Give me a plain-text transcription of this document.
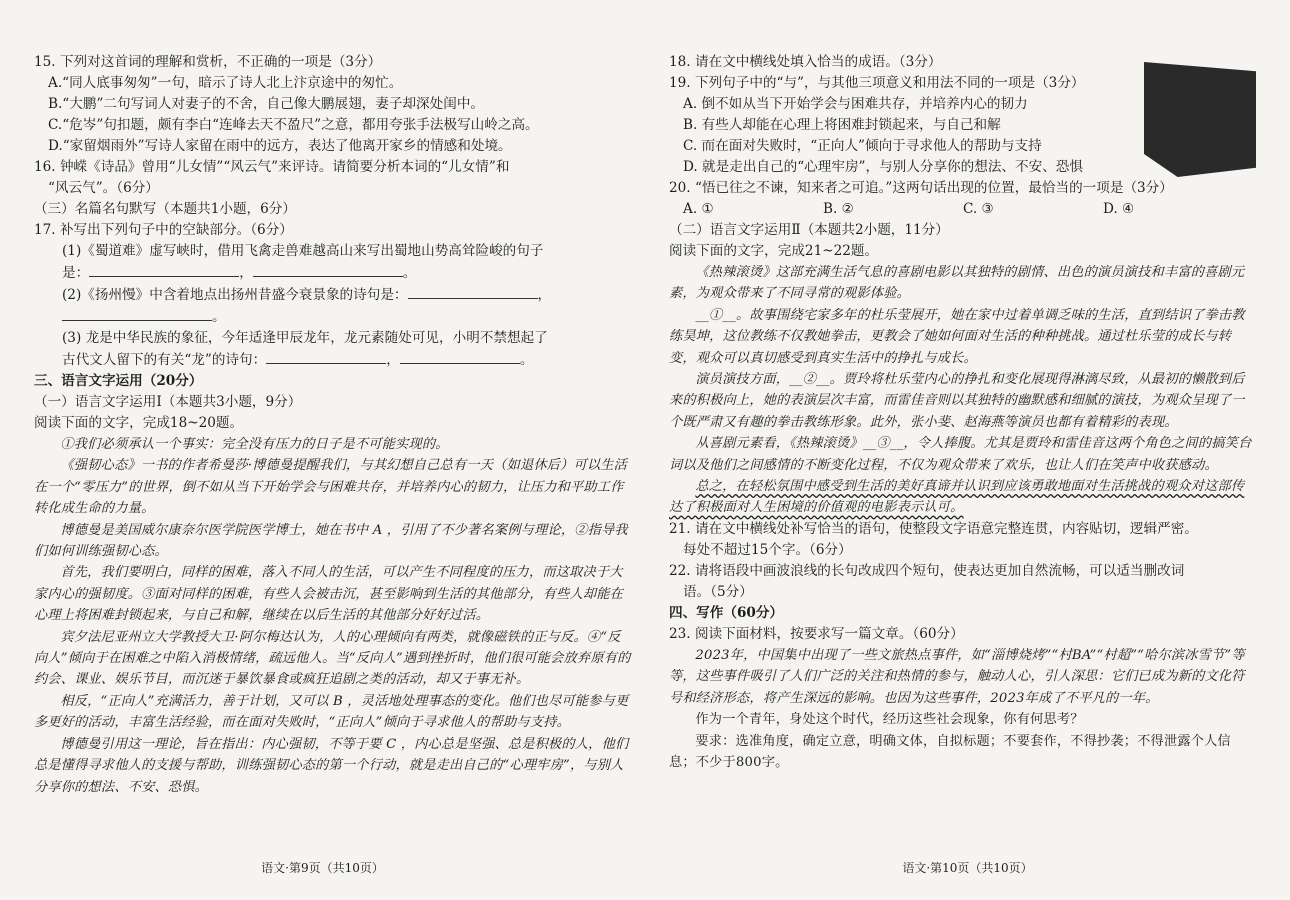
15. 下列对这首词的理解和赏析，不正确的一项是（3分）
A.“同人底事匆匆”一句，暗示了诗人北上汴京途中的匆忙。
B.“大鹏”二句写词人对妻子的不舍，自己像大鹏展翅，妻子却深处闺中。
C.“危岑”句扣题，颇有李白“连峰去天不盈尺”之意，都用夸张手法极写山岭之高。
D.“家留烟雨外”写诗人家留在雨中的远方，表达了他离开家乡的情感和处境。
16. 钟嵘《诗品》曾用“儿女情”“风云气”来评诗。请简要分析本词的“儿女情”和
“风云气”。（6分）
（三）名篇名句默写（本题共1小题，6分）
17. 补写出下列句子中的空缺部分。（6分）
(1)《蜀道难》虚写峡时，借用飞禽走兽难越高山来写出蜀地山势高耸险峻的句子
是：	，	。
(2)《扬州慢》中含着地点出扬州昔盛今衰景象的诗句是：	，
。
(3) 龙是中华民族的象征，今年适逢甲辰龙年，龙元素随处可见，小明不禁想起了
古代文人留下的有关“龙”的诗句：	，	。
三、语言文字运用（20分）
（一）语言文字运用Ⅰ（本题共3小题，9分）
阅读下面的文字，完成18~20题。
①我们必须承认一个事实：完全没有压力的日子是不可能实现的。
《强韧心态》一书的作者希曼莎·博德曼提醒我们，与其幻想自己总有一天（如退休后）可以生活在一个“零压力”的世界，倒不如从当下开始学会与困难共存，并培养内心的韧力，让压力和平助工作转化成生命的力量。
博德曼是美国威尔康奈尔医学院医学博士，她在书中 A ，引用了不少著名案例与理论，②指导我们如何训练强韧心态。
首先，我们要明白，同样的困难，落入不同人的生活，可以产生不同程度的压力，而这取决于大家内心的强韧度。③面对同样的困难，有些人会被击沉，甚至影响到生活的其他部分，有些人却能在心理上将困难封锁起来，与自己和解，继续在以后生活的其他部分好好过活。
宾夕法尼亚州立大学教授大卫·阿尔梅达认为，人的心理倾向有两类，就像磁铁的正与反。④“反向人”倾向于在困难之中陷入消极情绪，疏远他人。当“反向人”遇到挫折时，他们很可能会放弃原有的约会、课业、娱乐节目，而沉迷于暴饮暴食或疯狂追剧之类的活动，却又于事无补。
相反，“正向人”充满活力，善于计划，又可以 B ，灵活地处理事态的变化。他们也尽可能参与更多更好的活动，丰富生活经验，而在面对失败时，“正向人”倾向于寻求他人的帮助与支持。
博德曼引用这一理论，旨在指出：内心强韧，不等于要 C ，内心总是坚强、总是积极的人，他们总是懂得寻求他人的支援与帮助，训练强韧心态的第一个行动，就是走出自己的“心理牢房”，与别人分享你的想法、不安、恐惧。
语文·第9页（共10页）
18. 请在文中横线处填入恰当的成语。（3分）
19. 下列句子中的“与”，与其他三项意义和用法不同的一项是（3分）
A. 倒不如从当下开始学会与困难共存，并培养内心的韧力
B. 有些人却能在心理上将困难封锁起来，与自己和解
C. 而在面对失败时，“正向人”倾向于寻求他人的帮助与支持
D. 就是走出自己的“心理牢房”，与别人分享你的想法、不安、恐惧
20. “悟已往之不谏，知来者之可追。”这两句话出现的位置，最恰当的一项是（3分）
A. ①	B. ②	C. ③	D. ④
（二）语言文字运用Ⅱ（本题共2小题，11分）
阅读下面的文字，完成21~22题。
《热辣滚烫》这部充满生活气息的喜剧电影以其独特的剧情、出色的演员演技和丰富的喜剧元素，为观众带来了不同寻常的观影体验。
__①__。故事围绕宅家多年的杜乐莹展开，她在家中过着单调乏味的生活，直到结识了拳击教练昊坤，这位教练不仅教她拳击，更教会了她如何面对生活的种种挑战。通过杜乐莹的成长与转变，观众可以真切感受到真实生活中的挣扎与成长。
演员演技方面，__②__。贾玲将杜乐莹内心的挣扎和变化展现得淋漓尽致，从最初的懒散到后来的积极向上，她的表演层次丰富，而雷佳音则以其独特的幽默感和细腻的演技，为观众呈现了一个既严肃又有趣的拳击教练形象。此外，张小斐、赵海燕等演员也都有着精彩的表现。
从喜剧元素看，《热辣滚烫》__③__，令人捧腹。尤其是贾玲和雷佳音这两个角色之间的搞笑台词以及他们之间感情的不断变化过程，不仅为观众带来了欢乐，也让人们在笑声中收获感动。
总之，在轻松氛围中感受到生活的美好真谛并认识到应该勇敢地面对生活挑战的观众对这部传达了积极面对人生困境的价值观的电影表示认可。
21. 请在文中横线处补写恰当的语句，使整段文字语意完整连贯，内容贴切，逻辑严密。
每处不超过15个字。（6分）
22. 请将语段中画波浪线的长句改成四个短句，使表达更加自然流畅，可以适当删改词
语。（5分）
四、写作（60分）
23. 阅读下面材料，按要求写一篇文章。（60分）
2023年，中国集中出现了一些文旅热点事件，如“淄博烧烤”“村BA”“村超”“哈尔滨冰雪节”等等，这些事件吸引了人们广泛的关注和热情的参与，触动人心，引人深思：它们已成为新的文化符号和经济形态，将产生深远的影响。也因为这些事件，2023年成了不平凡的一年。
作为一个青年，身处这个时代，经历这些社会现象，你有何思考？
要求：选准角度，确定立意，明确文体，自拟标题；不要套作，不得抄袭；不得泄露个人信息；不少于800字。
语文·第10页（共10页）
